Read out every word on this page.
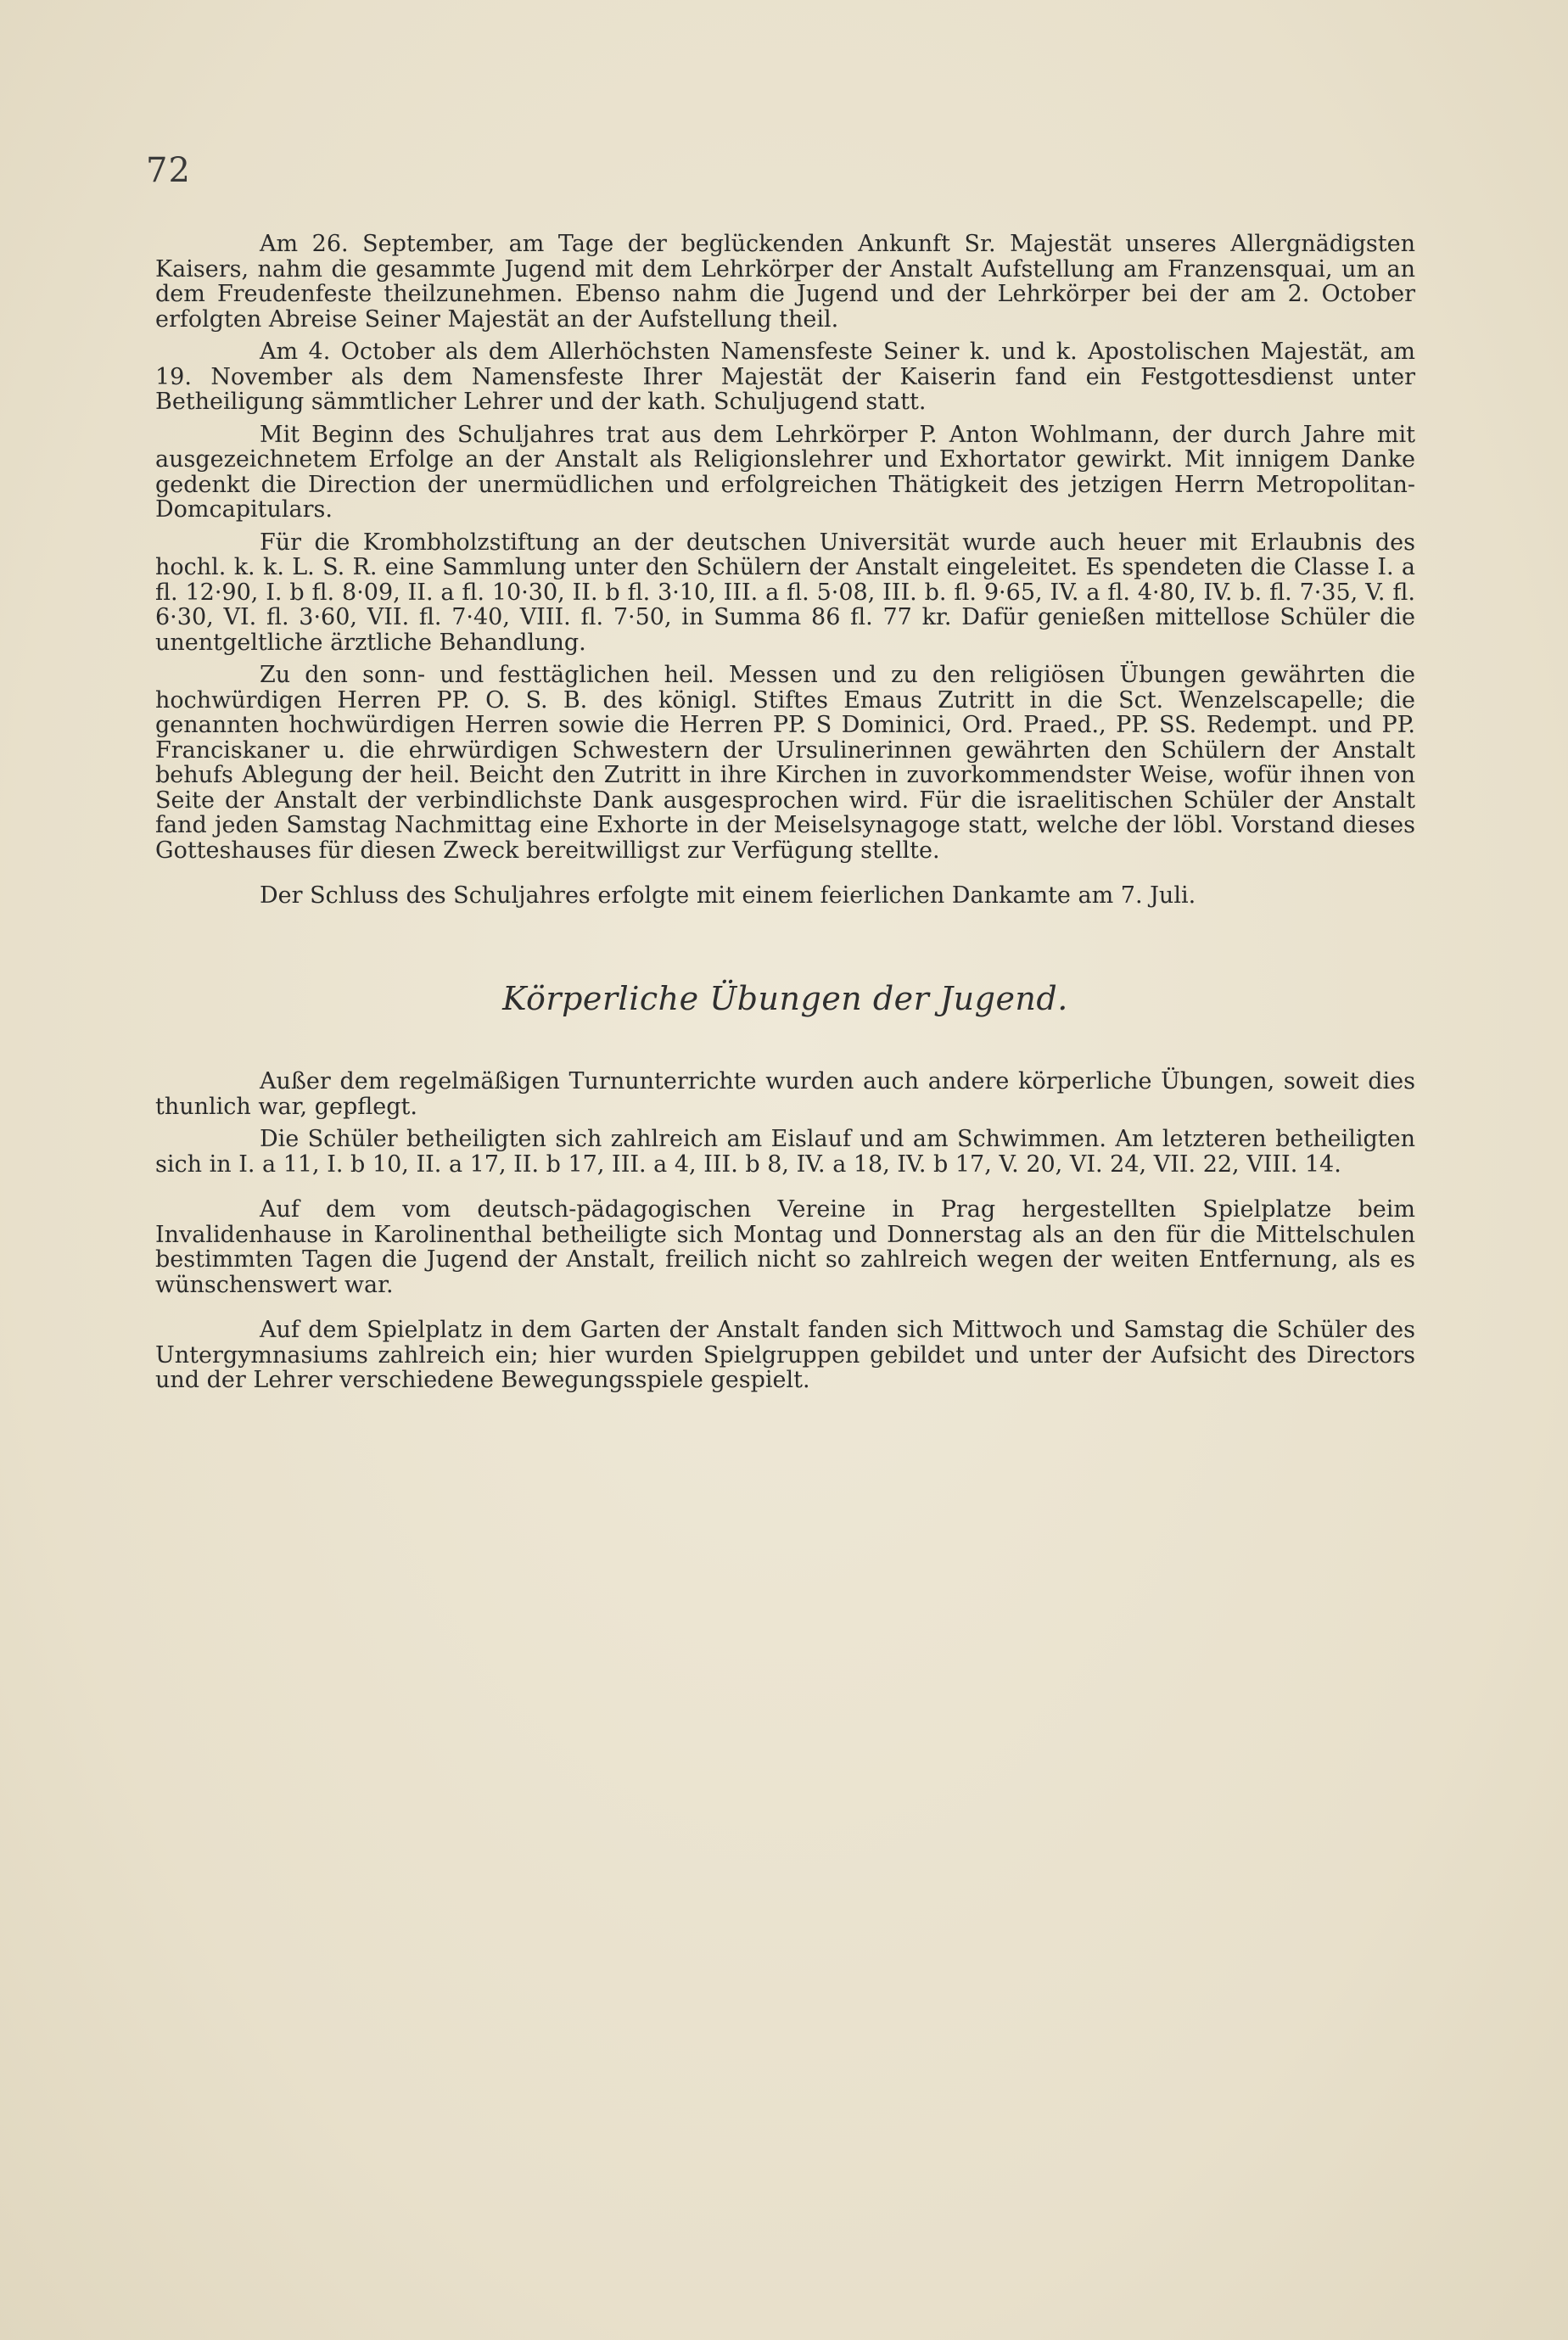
72

Am 26. September, am Tage der beglückenden Ankunft Sr. Majestät unseres Allergnädigsten Kaisers, nahm die gesammte Jugend mit dem Lehrkörper der Anstalt Aufstellung am Franzensquai, um an dem Freudenfeste theilzunehmen. Ebenso nahm die Jugend und der Lehrkörper bei der am 2. October erfolgten Abreise Seiner Majestät an der Aufstellung theil.

Am 4. October als dem Allerhöchsten Namensfeste Seiner k. und k. Apostolischen Majestät, am 19. November als dem Namensfeste Ihrer Majestät der Kaiserin fand ein Festgottesdienst unter Betheiligung sämmtlicher Lehrer und der kath. Schuljugend statt.

Mit Beginn des Schuljahres trat aus dem Lehrkörper P. Anton Wohlmann, der durch Jahre mit ausgezeichnetem Erfolge an der Anstalt als Religionslehrer und Exhortator gewirkt. Mit innigem Danke gedenkt die Direction der unermüdlichen und erfolgreichen Thätigkeit des jetzigen Herrn Metropolitan-Domcapitulars.

Für die Krombholzstiftung an der deutschen Universität wurde auch heuer mit Erlaubnis des hochl. k. k. L. S. R. eine Sammlung unter den Schülern der Anstalt eingeleitet. Es spendeten die Classe I. a fl. 12·90, I. b fl. 8·09, II. a fl. 10·30, II. b fl. 3·10, III. a fl. 5·08, III. b. fl. 9·65, IV. a fl. 4·80, IV. b. fl. 7·35, V. fl. 6·30, VI. fl. 3·60, VII. fl. 7·40, VIII. fl. 7·50, in Summa 86 fl. 77 kr. Dafür genießen mittellose Schüler die unentgeltliche ärztliche Behandlung.

Zu den sonn- und festtäglichen heil. Messen und zu den religiösen Übungen gewährten die hochwürdigen Herren PP. O. S. B. des königl. Stiftes Emaus Zutritt in die Sct. Wenzelscapelle; die genannten hochwürdigen Herren sowie die Herren PP. S Dominici, Ord. Praed., PP. SS. Redempt. und PP. Franciskaner u. die ehrwürdigen Schwestern der Ursulinerinnen gewährten den Schülern der Anstalt behufs Ablegung der heil. Beicht den Zutritt in ihre Kirchen in zuvorkommendster Weise, wofür ihnen von Seite der Anstalt der verbindlichste Dank ausgesprochen wird. Für die israelitischen Schüler der Anstalt fand jeden Samstag Nachmittag eine Exhorte in der Meiselsynagoge statt, welche der löbl. Vorstand dieses Gotteshauses für diesen Zweck bereitwilligst zur Verfügung stellte.

Der Schluss des Schuljahres erfolgte mit einem feierlichen Dankamte am 7. Juli.

Körperliche Übungen der Jugend.

Außer dem regelmäßigen Turnunterrichte wurden auch andere körperliche Übungen, soweit dies thunlich war, gepflegt.

Die Schüler betheiligten sich zahlreich am Eislauf und am Schwimmen. Am letzteren betheiligten sich in I. a 11, I. b 10, II. a 17, II. b 17, III. a 4, III. b 8, IV. a 18, IV. b 17, V. 20, VI. 24, VII. 22, VIII. 14.

Auf dem vom deutsch-pädagogischen Vereine in Prag hergestellten Spielplatze beim Invalidenhause in Karolinenthal betheiligte sich Montag und Donnerstag als an den für die Mittelschulen bestimmten Tagen die Jugend der Anstalt, freilich nicht so zahlreich wegen der weiten Entfernung, als es wünschenswert war.

Auf dem Spielplatz in dem Garten der Anstalt fanden sich Mittwoch und Samstag die Schüler des Untergymnasiums zahlreich ein; hier wurden Spielgruppen gebildet und unter der Aufsicht des Directors und der Lehrer verschiedene Bewegungsspiele gespielt.
